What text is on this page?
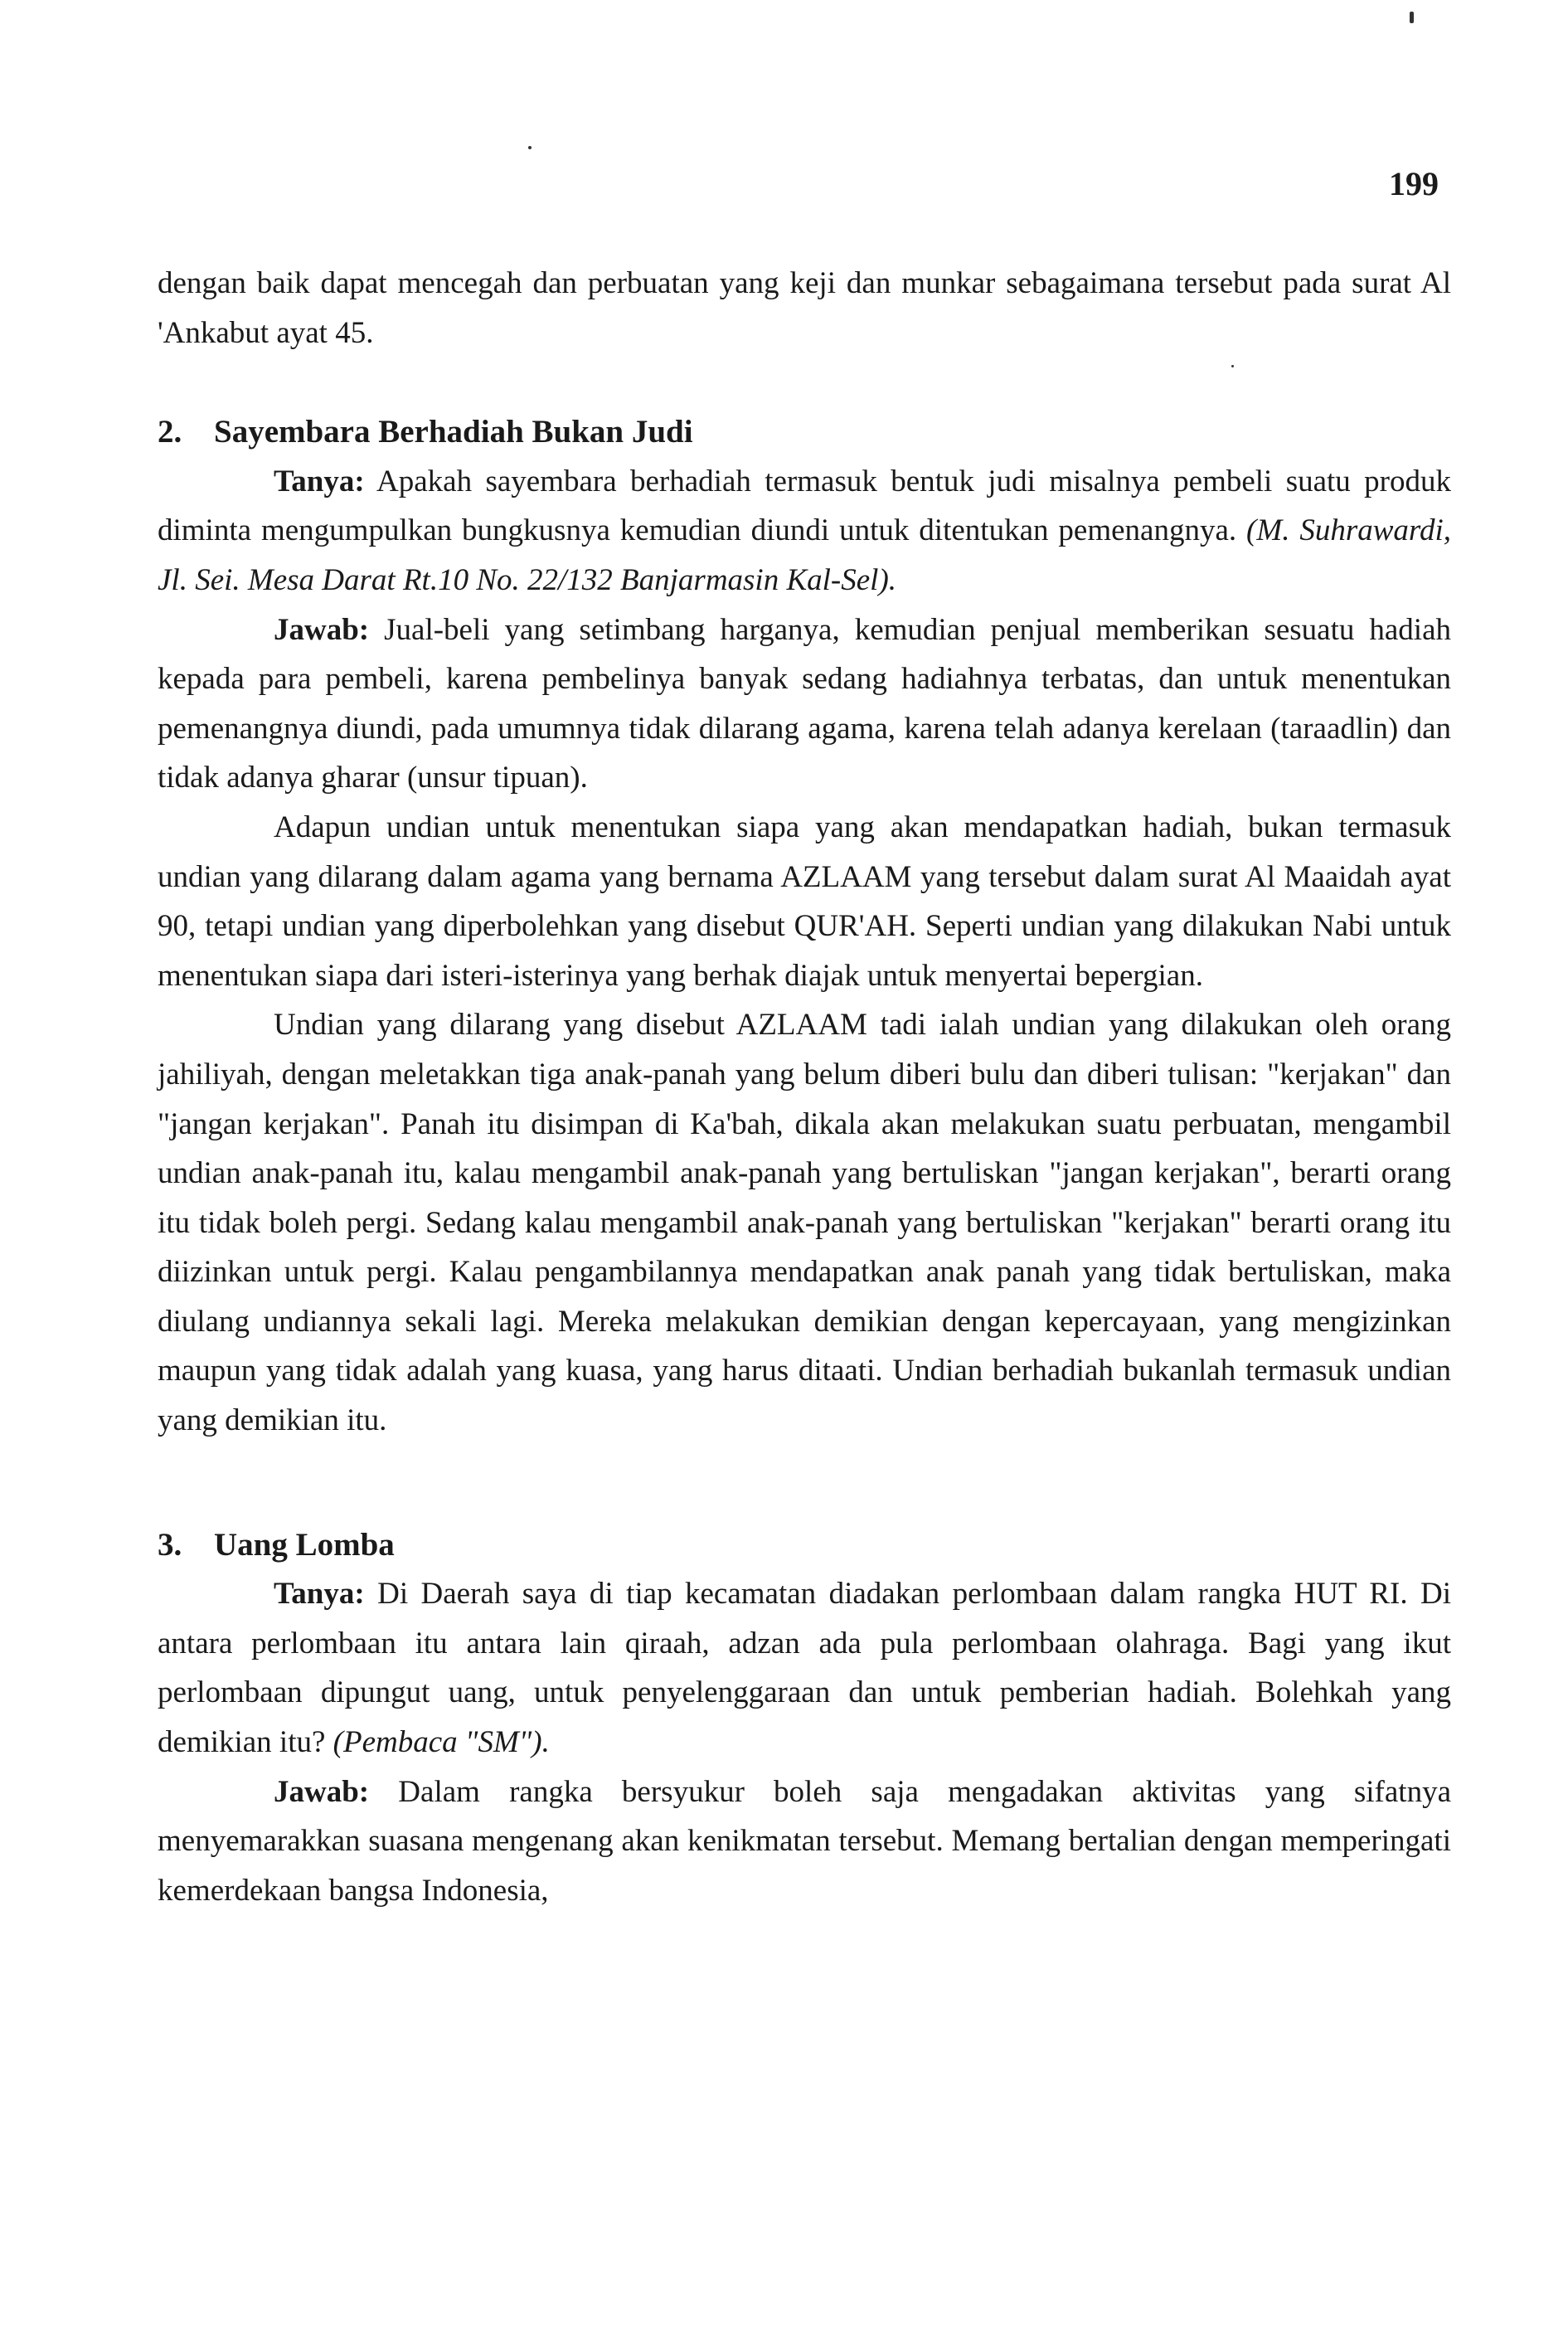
199

dengan baik dapat mencegah dan perbuatan yang keji dan munkar sebagaimana tersebut pada surat Al 'Ankabut ayat 45.

2. Sayembara Berhadiah Bukan Judi

Tanya: Apakah sayembara berhadiah termasuk bentuk judi misalnya pembeli suatu produk diminta mengumpulkan bungkusnya kemudian diundi untuk ditentukan pemenangnya. (M. Suhrawardi, Jl. Sei. Mesa Darat Rt.10 No. 22/132 Banjarmasin Kal-Sel).

Jawab: Jual-beli yang setimbang harganya, kemudian penjual memberikan sesuatu hadiah kepada para pembeli, karena pembelinya banyak sedang hadiahnya terbatas, dan untuk menentukan pemenangnya diundi, pada umumnya tidak dilarang agama, karena telah adanya kerelaan (taraadlin) dan tidak adanya gharar (unsur tipuan).

Adapun undian untuk menentukan siapa yang akan mendapatkan hadiah, bukan termasuk undian yang dilarang dalam agama yang bernama AZLAAM yang tersebut dalam surat Al Maaidah ayat 90, tetapi undian yang diperbolehkan yang disebut QUR'AH. Seperti undian yang dilakukan Nabi untuk menentukan siapa dari isteri-isterinya yang berhak diajak untuk menyertai bepergian.

Undian yang dilarang yang disebut AZLAAM tadi ialah undian yang dilakukan oleh orang jahiliyah, dengan meletakkan tiga anak-panah yang belum diberi bulu dan diberi tulisan: "kerjakan" dan "jangan kerjakan". Panah itu disimpan di Ka'bah, dikala akan melakukan suatu perbuatan, mengambil undian anak-panah itu, kalau mengambil anak-panah yang bertuliskan "jangan kerjakan", berarti orang itu tidak boleh pergi. Sedang kalau mengambil anak-panah yang bertuliskan "kerjakan" berarti orang itu diizinkan untuk pergi. Kalau pengambilannya mendapatkan anak panah yang tidak bertuliskan, maka diulang undiannya sekali lagi. Mereka melakukan demikian dengan kepercayaan, yang mengizinkan maupun yang tidak adalah yang kuasa, yang harus ditaati. Undian berhadiah bukanlah termasuk undian yang demikian itu.

3. Uang Lomba

Tanya: Di Daerah saya di tiap kecamatan diadakan perlombaan dalam rangka HUT RI. Di antara perlombaan itu antara lain qiraah, adzan ada pula perlombaan olahraga. Bagi yang ikut perlombaan dipungut uang, untuk penyelenggaraan dan untuk pemberian hadiah. Bolehkah yang demikian itu? (Pembaca "SM").

Jawab: Dalam rangka bersyukur boleh saja mengadakan aktivitas yang sifatnya menyemarakkan suasana mengenang akan kenikmatan tersebut. Memang bertalian dengan memperingati kemerdekaan bangsa Indonesia,
